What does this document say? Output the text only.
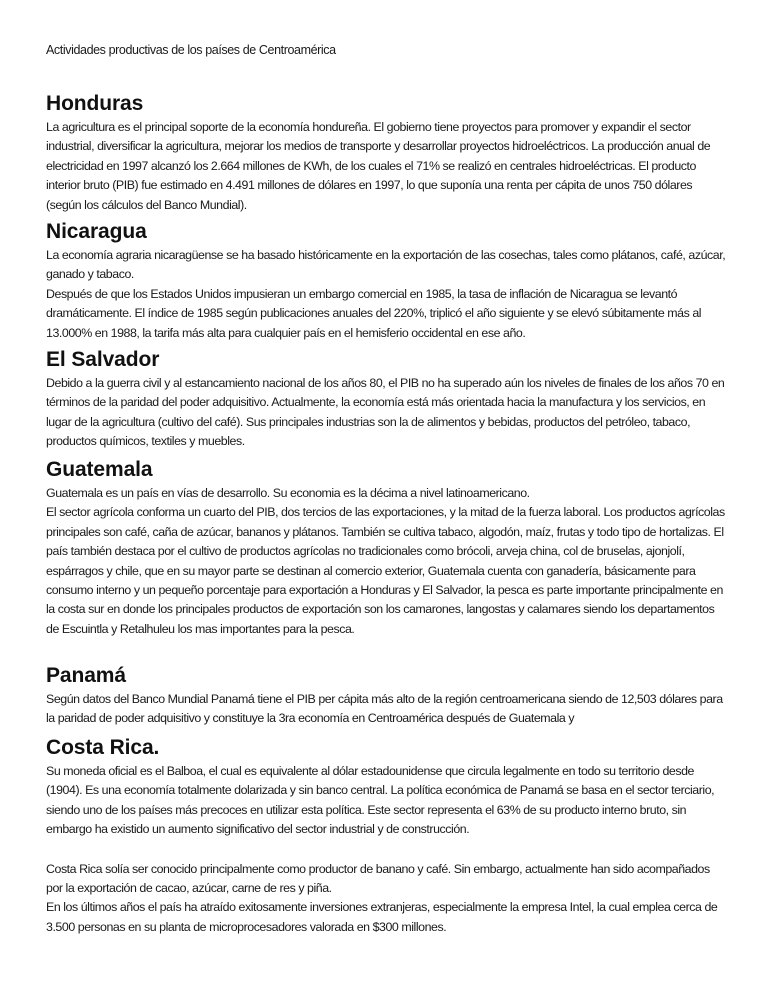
Actividades productivas de los países de Centroamérica
Honduras

La agricultura es el principal soporte de la economía hondureña. El gobierno tiene proyectos para promover y expandir el sector industrial, diversificar la agricultura, mejorar los medios de transporte y desarrollar proyectos hidroeléctricos. La producción anual de electricidad en 1997 alcanzó los 2.664 millones de KWh, de los cuales el 71% se realizó en centrales hidroeléctricas. El producto interior bruto (PIB) fue estimado en 4.491 millones de dólares en 1997, lo que suponía una renta per cápita de unos 750 dólares (según los cálculos del Banco Mundial).

Nicaragua

La economía agraria nicaragüense se ha basado históricamente en la exportación de las cosechas, tales como plátanos, café, azúcar, ganado y tabaco.

Después de que los Estados Unidos impusieran un embargo comercial en 1985, la tasa de inflación de Nicaragua se levantó dramáticamente. El índice de 1985 según publicaciones anuales del 220%, triplicó el año siguiente y se elevó súbitamente más al 13.000% en 1988, la tarifa más alta para cualquier país en el hemisferio occidental en ese año.

El Salvador

Debido a la guerra civil y al estancamiento nacional de los años 80, el PIB no ha superado aún los niveles de finales de los años 70 en términos de la paridad del poder adquisitivo. Actualmente, la economía está más orientada hacia la manufactura y los servicios, en lugar de la agricultura (cultivo del café). Sus principales industrias son la de alimentos y bebidas, productos del petróleo, tabaco, productos químicos, textiles y muebles.

Guatemala

Guatemala es un país en vías de desarrollo. Su economia es la décima a nivel latinoamericano.

El sector agrícola conforma un cuarto del PIB, dos tercios de las exportaciones, y la mitad de la fuerza laboral. Los productos agrícolas principales son café, caña de azúcar, bananos y plátanos. También se cultiva tabaco, algodón, maíz, frutas y todo tipo de hortalizas. El país también destaca por el cultivo de productos agrícolas no tradicionales como brócoli, arveja china, col de bruselas, ajonjolí, espárragos y chile, que en su mayor parte se destinan al comercio exterior, Guatemala cuenta con ganadería, básicamente para consumo interno y un pequeño porcentaje para exportación a Honduras y El Salvador, la pesca es parte importante principalmente en la costa sur en donde los principales productos de exportación son los camarones, langostas y calamares siendo los departamentos de Escuintla y Retalhuleu los mas importantes para la pesca.

Panamá

Según datos del Banco Mundial Panamá tiene el PIB per cápita más alto de la región centroamericana siendo de 12,503 dólares para la paridad de poder adquisitivo y constituye la 3ra economía en Centroamérica después de Guatemala y

Costa Rica.

Su moneda oficial es el Balboa, el cual es equivalente al dólar estadounidense que circula legalmente en todo su territorio desde (1904). Es una economía totalmente dolarizada y sin banco central. La política económica de Panamá se basa en el sector terciario, siendo uno de los países más precoces en utilizar esta política. Este sector representa el 63% de su producto interno bruto, sin embargo ha existido un aumento significativo del sector industrial y de construcción.

Costa Rica solía ser conocido principalmente como productor de banano y café. Sin embargo, actualmente han sido acompañados por la exportación de cacao, azúcar, carne de res y piña.

En los últimos años el país ha atraído exitosamente inversiones extranjeras, especialmente la empresa Intel, la cual emplea cerca de 3.500 personas en su planta de microprocesadores valorada en $300 millones.
